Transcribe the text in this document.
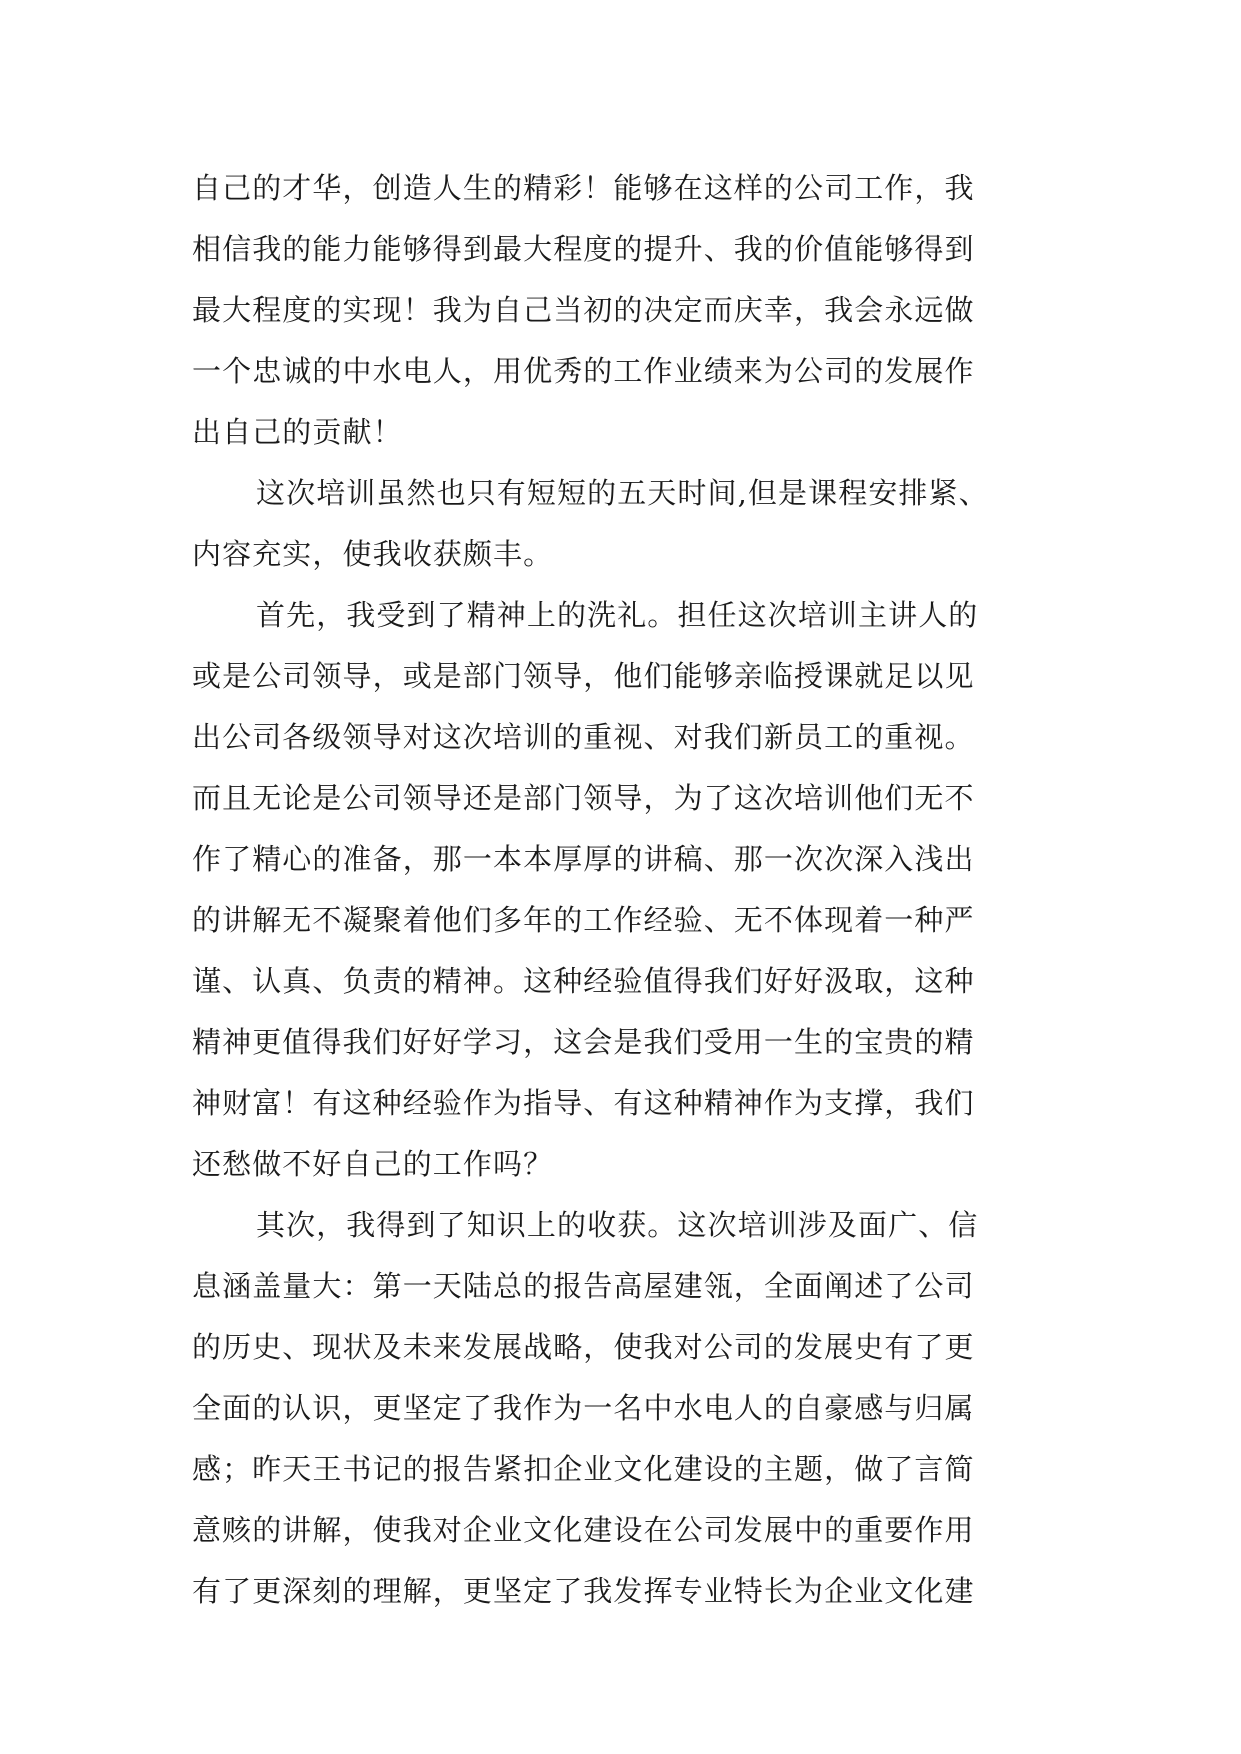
自己的才华，创造人生的精彩！能够在这样的公司工作，我
相信我的能力能够得到最大程度的提升、我的价值能够得到
最大程度的实现！我为自己当初的决定而庆幸，我会永远做
一个忠诚的中水电人，用优秀的工作业绩来为公司的发展作
出自己的贡献！
这次培训虽然也只有短短的五天时间,但是课程安排紧、
内容充实，使我收获颇丰。
首先，我受到了精神上的洗礼。担任这次培训主讲人的
或是公司领导，或是部门领导，他们能够亲临授课就足以见
出公司各级领导对这次培训的重视、对我们新员工的重视。
而且无论是公司领导还是部门领导，为了这次培训他们无不
作了精心的准备，那一本本厚厚的讲稿、那一次次深入浅出
的讲解无不凝聚着他们多年的工作经验、无不体现着一种严
谨、认真、负责的精神。这种经验值得我们好好汲取，这种
精神更值得我们好好学习，这会是我们受用一生的宝贵的精
神财富！有这种经验作为指导、有这种精神作为支撑，我们
还愁做不好自己的工作吗？
其次，我得到了知识上的收获。这次培训涉及面广、信
息涵盖量大：第一天陆总的报告高屋建瓴，全面阐述了公司
的历史、现状及未来发展战略，使我对公司的发展史有了更
全面的认识，更坚定了我作为一名中水电人的自豪感与归属
感；昨天王书记的报告紧扣企业文化建设的主题，做了言简
意赅的讲解，使我对企业文化建设在公司发展中的重要作用
有了更深刻的理解，更坚定了我发挥专业特长为企业文化建
